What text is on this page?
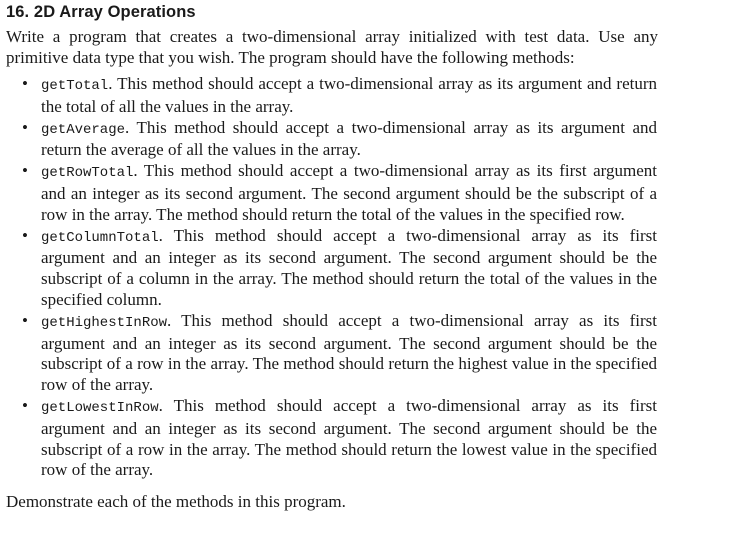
16. 2D Array Operations

Write a program that creates a two-dimensional array initialized with test data. Use any primitive data type that you wish. The program should have the following methods:

• getTotal. This method should accept a two-dimensional array as its argument and return the total of all the values in the array.
• getAverage. This method should accept a two-dimensional array as its argument and return the average of all the values in the array.
• getRowTotal. This method should accept a two-dimensional array as its first argument and an integer as its second argument. The second argument should be the subscript of a row in the array. The method should return the total of the values in the specified row.
• getColumnTotal. This method should accept a two-dimensional array as its first argument and an integer as its second argument. The second argument should be the subscript of a column in the array. The method should return the total of the values in the specified column.
• getHighestInRow. This method should accept a two-dimensional array as its first argument and an integer as its second argument. The second argument should be the subscript of a row in the array. The method should return the highest value in the specified row of the array.
• getLowestInRow. This method should accept a two-dimensional array as its first argument and an integer as its second argument. The second argument should be the subscript of a row in the array. The method should return the lowest value in the specified row of the array.

Demonstrate each of the methods in this program.
